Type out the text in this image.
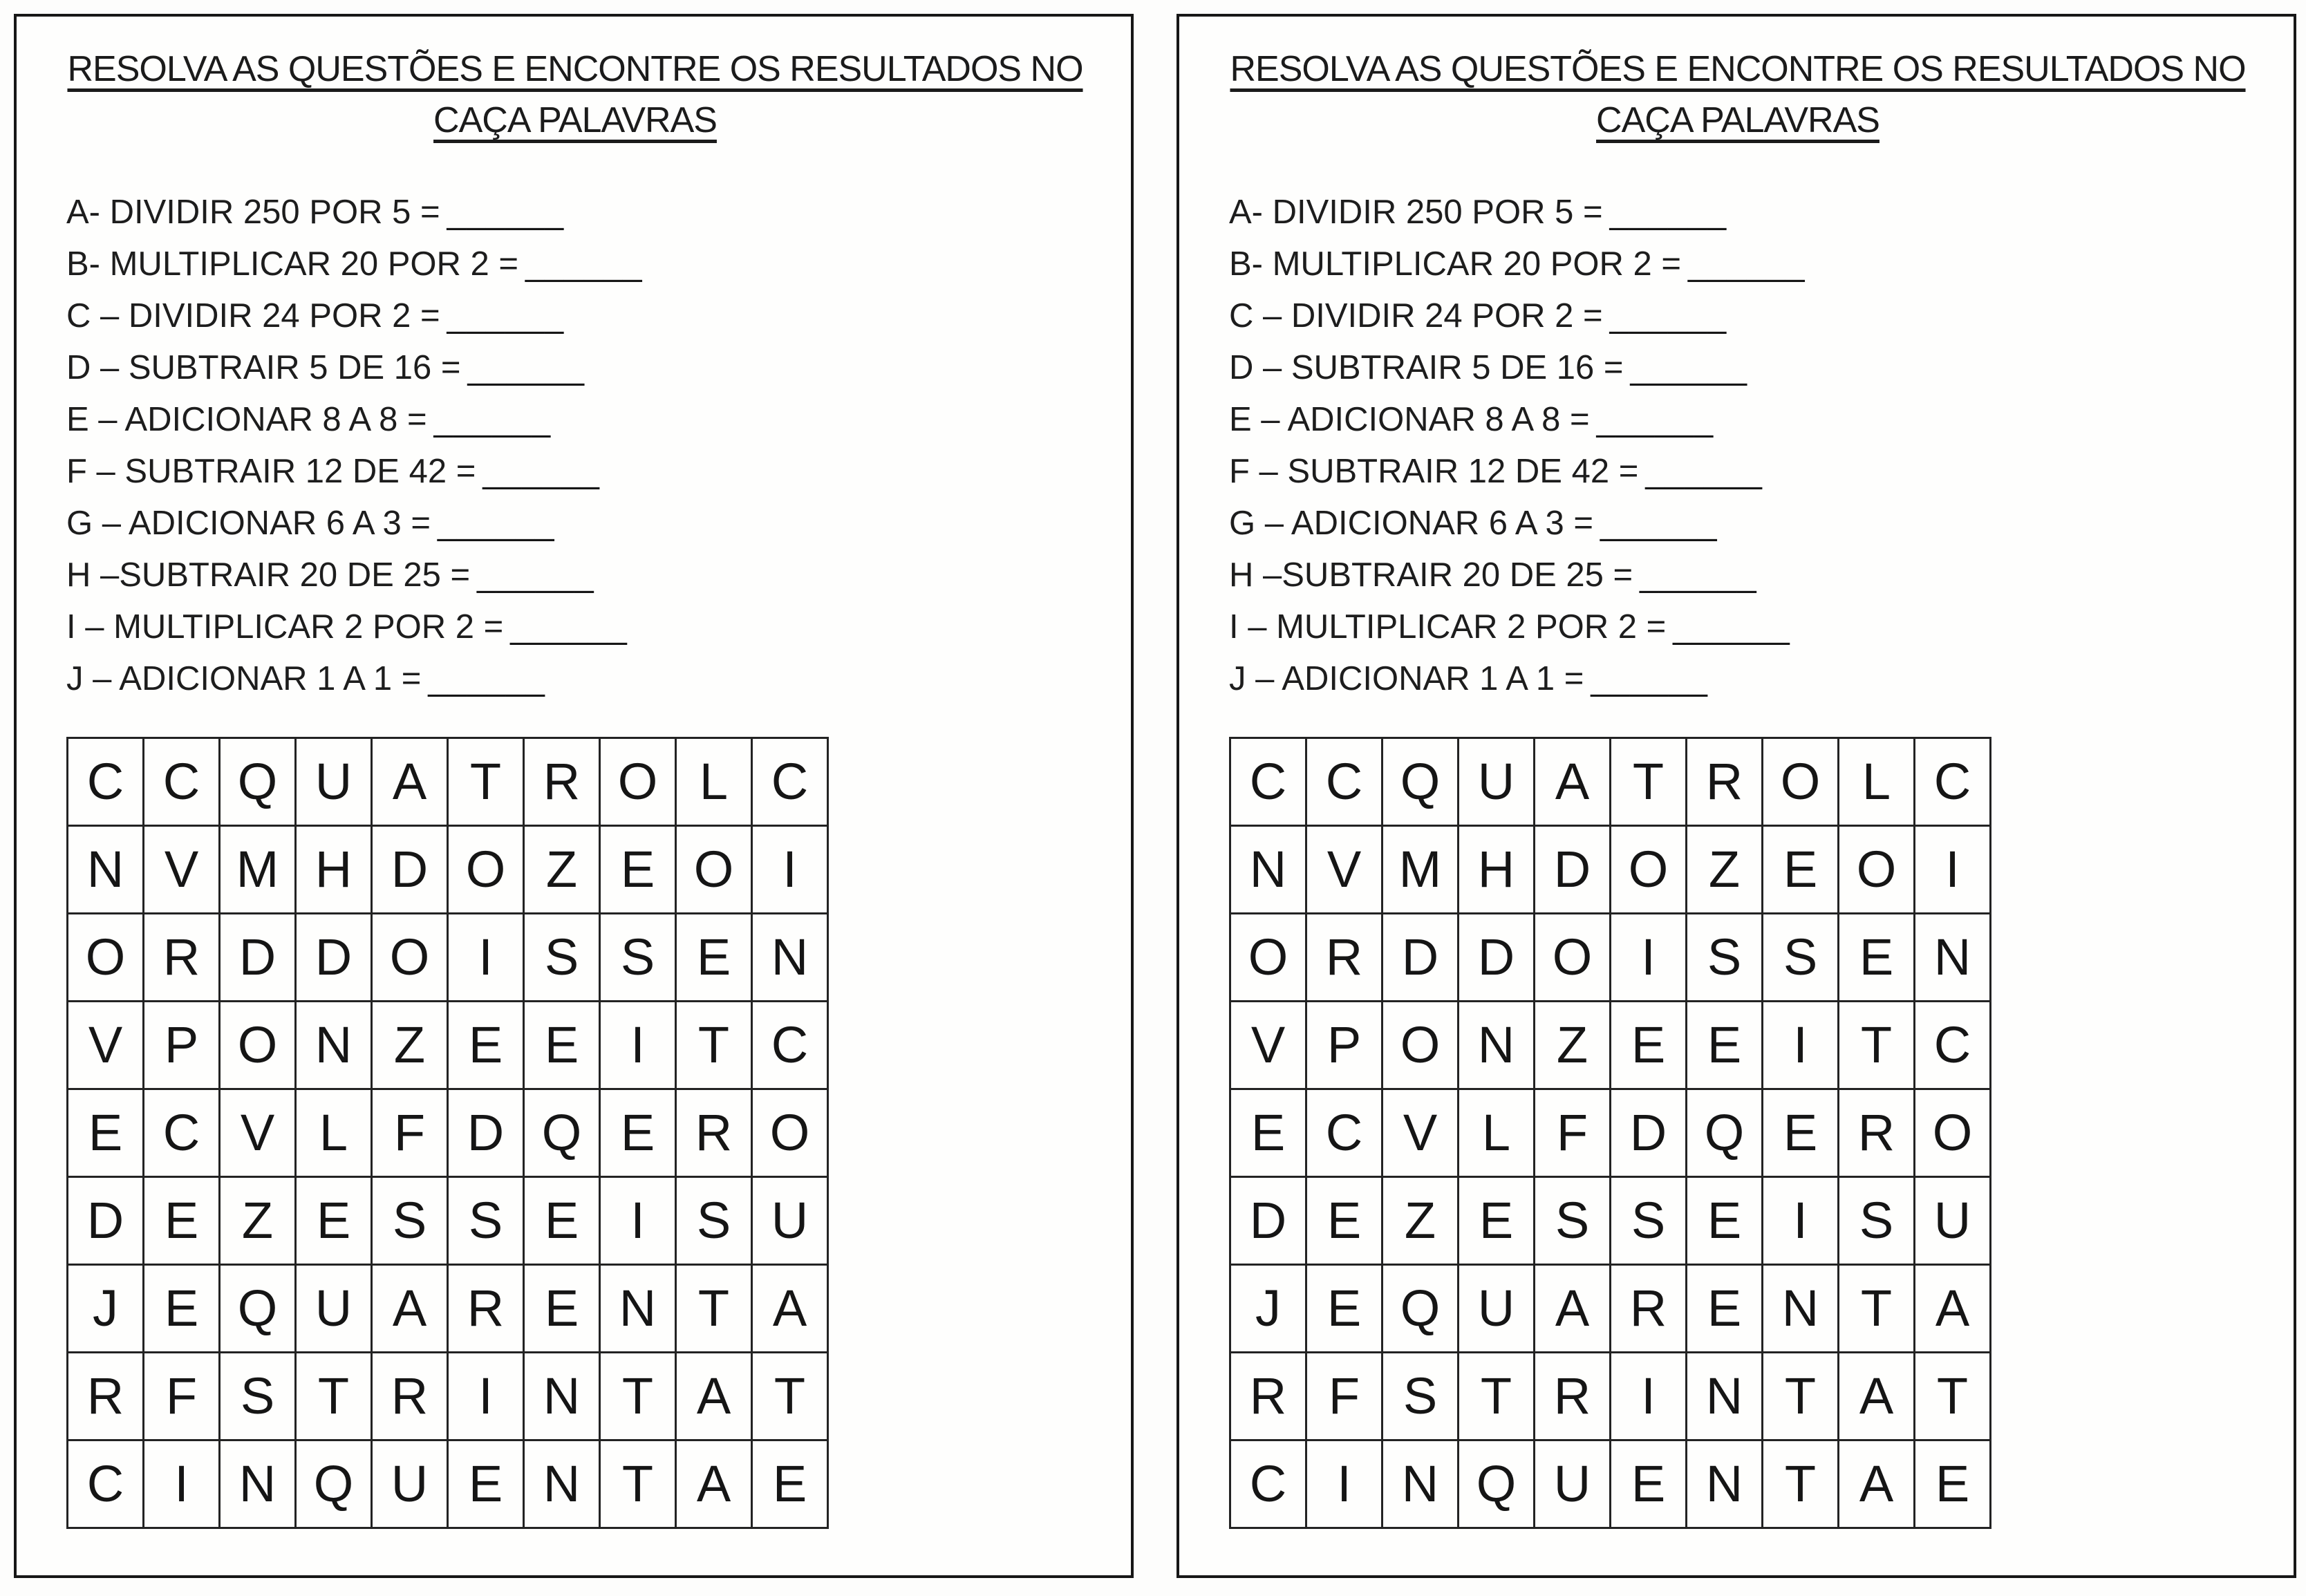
RESOLVA AS QUESTÕES E ENCONTRE OS RESULTADOS NO
CAÇA PALAVRAS
A- DIVIDIR 250 POR 5 = ______
B- MULTIPLICAR 20 POR 2 = ______
C – DIVIDIR 24 POR 2 = ______
D – SUBTRAIR 5 DE 16 = ______
E – ADICIONAR 8 A 8 = ______
F – SUBTRAIR 12 DE 42 = ______
G – ADICIONAR 6 A 3 = ______
H –SUBTRAIR 20 DE 25 = ______
I – MULTIPLICAR 2 POR 2 = ______
J – ADICIONAR 1 A 1 = ______
C	C	Q	U	A	T	R	O	L	C
N	V	M	H	D	O	Z	E	O	I
O	R	D	D	O	I	S	S	E	N
V	P	O	N	Z	E	E	I	T	C
E	C	V	L	F	D	Q	E	R	O
D	E	Z	E	S	S	E	I	S	U
J	E	Q	U	A	R	E	N	T	A
R	F	S	T	R	I	N	T	A	T
C	I	N	Q	U	E	N	T	A	E
RESOLVA AS QUESTÕES E ENCONTRE OS RESULTADOS NO
CAÇA PALAVRAS
A- DIVIDIR 250 POR 5 = ______
B- MULTIPLICAR 20 POR 2 = ______
C – DIVIDIR 24 POR 2 = ______
D – SUBTRAIR 5 DE 16 = ______
E – ADICIONAR 8 A 8 = ______
F – SUBTRAIR 12 DE 42 = ______
G – ADICIONAR 6 A 3 = ______
H –SUBTRAIR 20 DE 25 = ______
I – MULTIPLICAR 2 POR 2 = ______
J – ADICIONAR 1 A 1 = ______
C	C	Q	U	A	T	R	O	L	C
N	V	M	H	D	O	Z	E	O	I
O	R	D	D	O	I	S	S	E	N
V	P	O	N	Z	E	E	I	T	C
E	C	V	L	F	D	Q	E	R	O
D	E	Z	E	S	S	E	I	S	U
J	E	Q	U	A	R	E	N	T	A
R	F	S	T	R	I	N	T	A	T
C	I	N	Q	U	E	N	T	A	E
